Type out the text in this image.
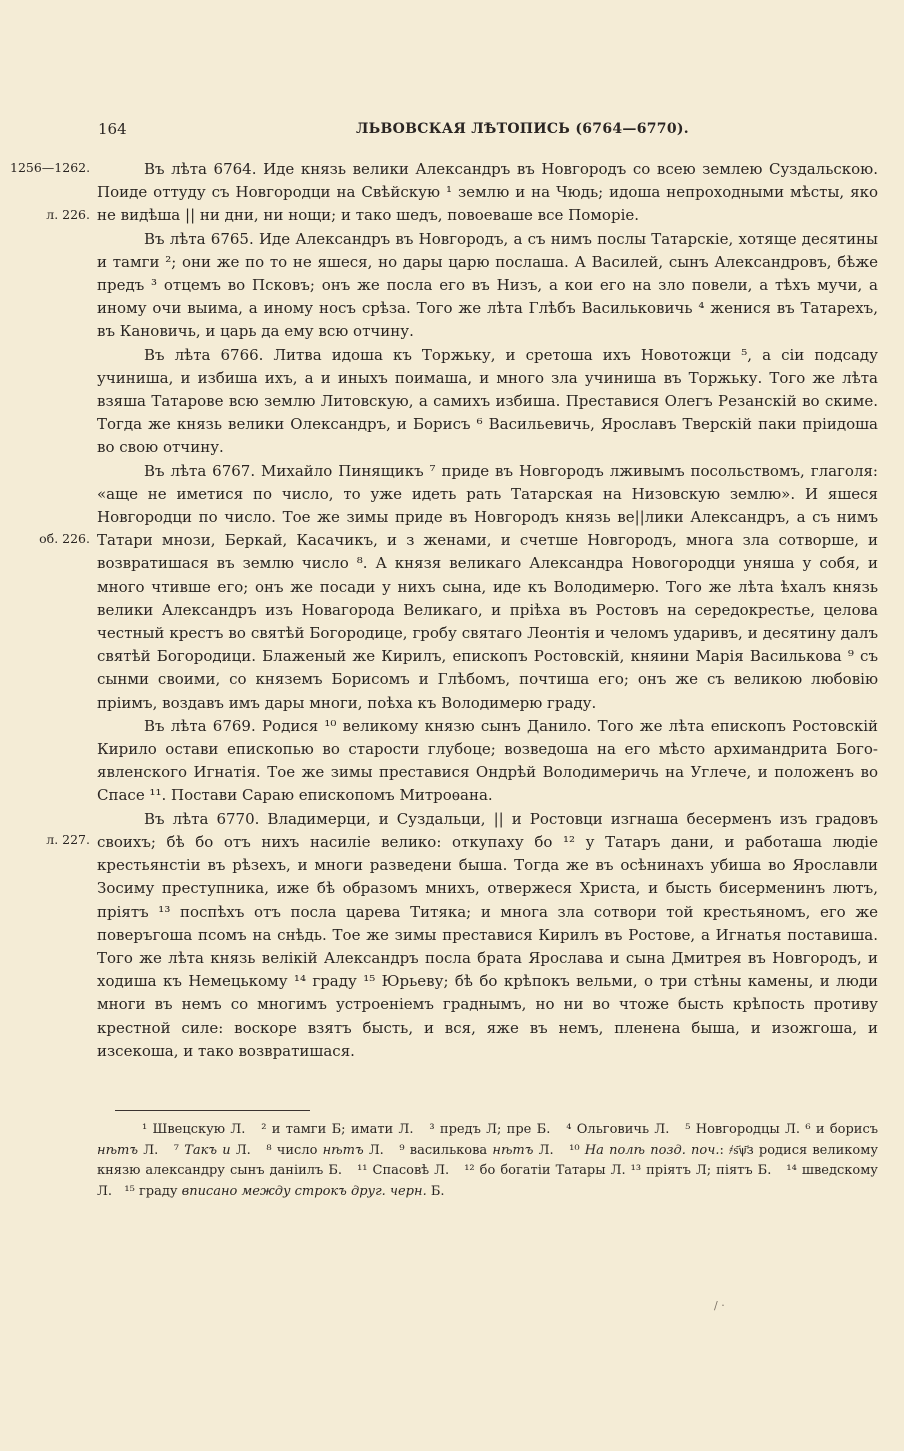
164	ЛЬВОВСКАЯ ЛѢТОПИСЬ (6764—6770).
1256—1262.
л. 226.
об. 226.
л. 227.

Въ лѣта 6764. Иде князь велики Александръ въ Новгородъ со всею землею Суздальскою. Поиде оттуду съ Новгородци на Свѣйскую ¹ землю и на Чюдь; идоша непроходными мѣсты, яко не видѣша || ни дни, ни нощи; и тако шедъ, повоеваше все Поморiе.

Въ лѣта 6765. Иде Александръ въ Новгородъ, а съ нимъ послы Татарскiе, хотяще десятины и тамги ²; они же по то не яшеся, но дары царю послаша. А Василей, сынъ Александровъ, бѣже предъ ³ отцемъ во Псковъ; онъ же посла его въ Низъ, а кои его на зло повели, а тѣхъ мучи, а иному очи выима, а иному носъ срѣза. Того же лѣта Глѣбъ Васильковичь ⁴ женися въ Татарехъ, въ Кановичь, и царь да ему всю отчину.

Въ лѣта 6766. Литва идоша къ Торжьку, и сретоша ихъ Новотожци ⁵, а сiи подсаду учиниша, и избиша ихъ, а и иныхъ поимаша, и много зла учиниша въ Торжьку. Того же лѣта взяша Татарове всю землю Литовскую, а самихъ избиша. Преставися Олегъ Резанскiй во скиме. Тогда же князь велики Олександръ, и Борисъ ⁶ Васильевичь, Ярославъ Тверскiй паки прiидоша во свою отчину.

Въ лѣта 6767. Михайло Пинящикъ ⁷ приде въ Новгородъ лживымъ посольствомъ, глаголя: «аще не иметися по число, то уже идеть рать Татарская на Низовскую землю». И яшеся Новгородци по число. Тое же зимы приде въ Новгородъ князь ве||лики Александръ, а съ нимъ Татари мнози, Беркай, Касачикъ, и з женами, и счетше Новгородъ, многа зла сотворше, и возвратишася въ землю число ⁸. А князя великаго Александра Новогородци уняша у собя, и много чтивше его; онъ же посади у нихъ сына, иде къ Володимерю. Того же лѣта ѣхалъ князь велики Александръ изъ Новагорода Великаго, и прiѣха въ Ростовъ на середокрестье, целова честный крестъ во святѣй Богородице, гробу святаго Леонтiя и челомъ ударивъ, и десятину далъ святѣй Богородици. Блаженый же Кирилъ, епископъ Ростовскiй, княини Марiя Василькова ⁹ съ сынми своими, со княземъ Борисомъ и Глѣбомъ, почтиша его; онъ же съ великою любовiю прiимъ, воздавъ имъ дары многи, поѣха къ Володимерю граду.

Въ лѣта 6769. Родися ¹⁰ великому князю сынъ Данило. Того же лѣта епископъ Ростовскiй Кирило остави епископью во старости глубоце; возведоша на его мѣсто архимандрита Богоявленского Игнатiя. Тое же зимы преставися Ондрѣй Володимеричь на Углече, и положенъ во Спасе ¹¹. Постави Сараю епископомъ Митроѳана.

Въ лѣта 6770. Владимерци, и Суздальци, || и Ростовци изгнаша бесерменъ изъ градовъ своихъ; бѣ бо отъ нихъ насилiе велико: откупаху бо ¹² у Татаръ дани, и работаша людiе крестьянстiи въ рѣзехъ, и многи разведени быша. Тогда же въ осѣнинахъ убиша во Ярославли Зосиму преступника, иже бѣ образомъ мнихъ, отвержеся Христа, и бысть бисерменинъ лютъ, прiятъ ¹³ поспѣхъ отъ посла царева Титяка; и многа зла сотвори той крестьяномъ, его же поверъгоша псомъ на снѣдь. Тое же зимы преставися Кирилъ въ Ростове, а Игнатья поставиша. Того же лѣта князь велiкiй Александръ посла брата Ярослава и сына Дмитрея въ Новгородъ, и ходиша къ Немецькому ¹⁴ граду ¹⁵ Юрьеву; бѣ бо крѣпокъ вельми, о три стѣны камены, и люди многи въ немъ со многимъ устроенiемъ граднымъ, но ни во чтоже бысть крѣпость противу крестной силе: воскоре взятъ бысть, и вся, яже въ немъ, пленена быша, и изожгоша, и изсекоша, и тако возвратишася.

¹ Швецскую Л. ² и тамги Б; имати Л. ³ предъ Л; пре Б. ⁴ Ольговичь Л. ⁵ Новгородцы Л. ⁶ и борисъ нѣтъ Л. ⁷ Такъ и Л. ⁸ число нѣтъ Л. ⁹ василькова нѣтъ Л. ¹⁰ На полѣ позд. поч.: ҂ѕ҃ѱ҃з родися великому князю александру сынъ данiилъ Б. ¹¹ Спасовѣ Л. ¹² бо богатiи Татары Л. ¹³ прiятъ Л; пiятъ Б. ¹⁴ шведскому Л. ¹⁵ граду вписано между строкъ друг. черн. Б.
/ ·
